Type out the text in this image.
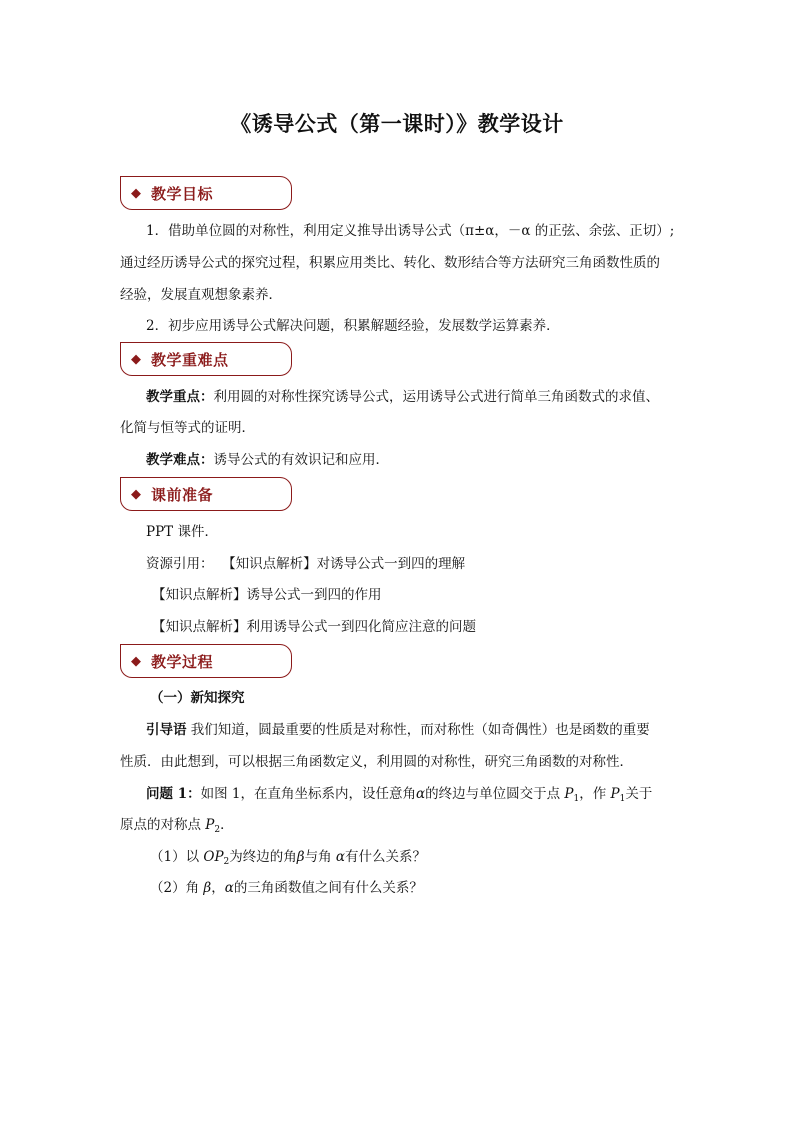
《诱导公式（第一课时）》教学设计
◆ 教学目标
1．借助单位圆的对称性，利用定义推导出诱导公式（π±α，－α 的正弦、余弦、正切）;
通过经历诱导公式的探究过程，积累应用类比、转化、数形结合等方法研究三角函数性质的
经验，发展直观想象素养．
2．初步应用诱导公式解决问题，积累解题经验，发展数学运算素养．
◆ 教学重难点
教学重点：利用圆的对称性探究诱导公式，运用诱导公式进行简单三角函数式的求值、
化简与恒等式的证明．
教学难点：诱导公式的有效识记和应用．
◆ 课前准备
PPT 课件．
资源引用： 【知识点解析】对诱导公式一到四的理解
【知识点解析】诱导公式一到四的作用
【知识点解析】利用诱导公式一到四化简应注意的问题
◆ 教学过程
（一）新知探究
引导语 我们知道，圆最重要的性质是对称性，而对称性（如奇偶性）也是函数的重要
性质．由此想到，可以根据三角函数定义，利用圆的对称性，研究三角函数的对称性．
问题 1：如图 1，在直角坐标系内，设任意角α的终边与单位圆交于点 $P_1$，作 $P_1$关于
原点的对称点 $P_2$．
（1）以 $OP_2$为终边的角β与角 α有什么关系？
（2）角 β，α的三角函数值之间有什么关系？
